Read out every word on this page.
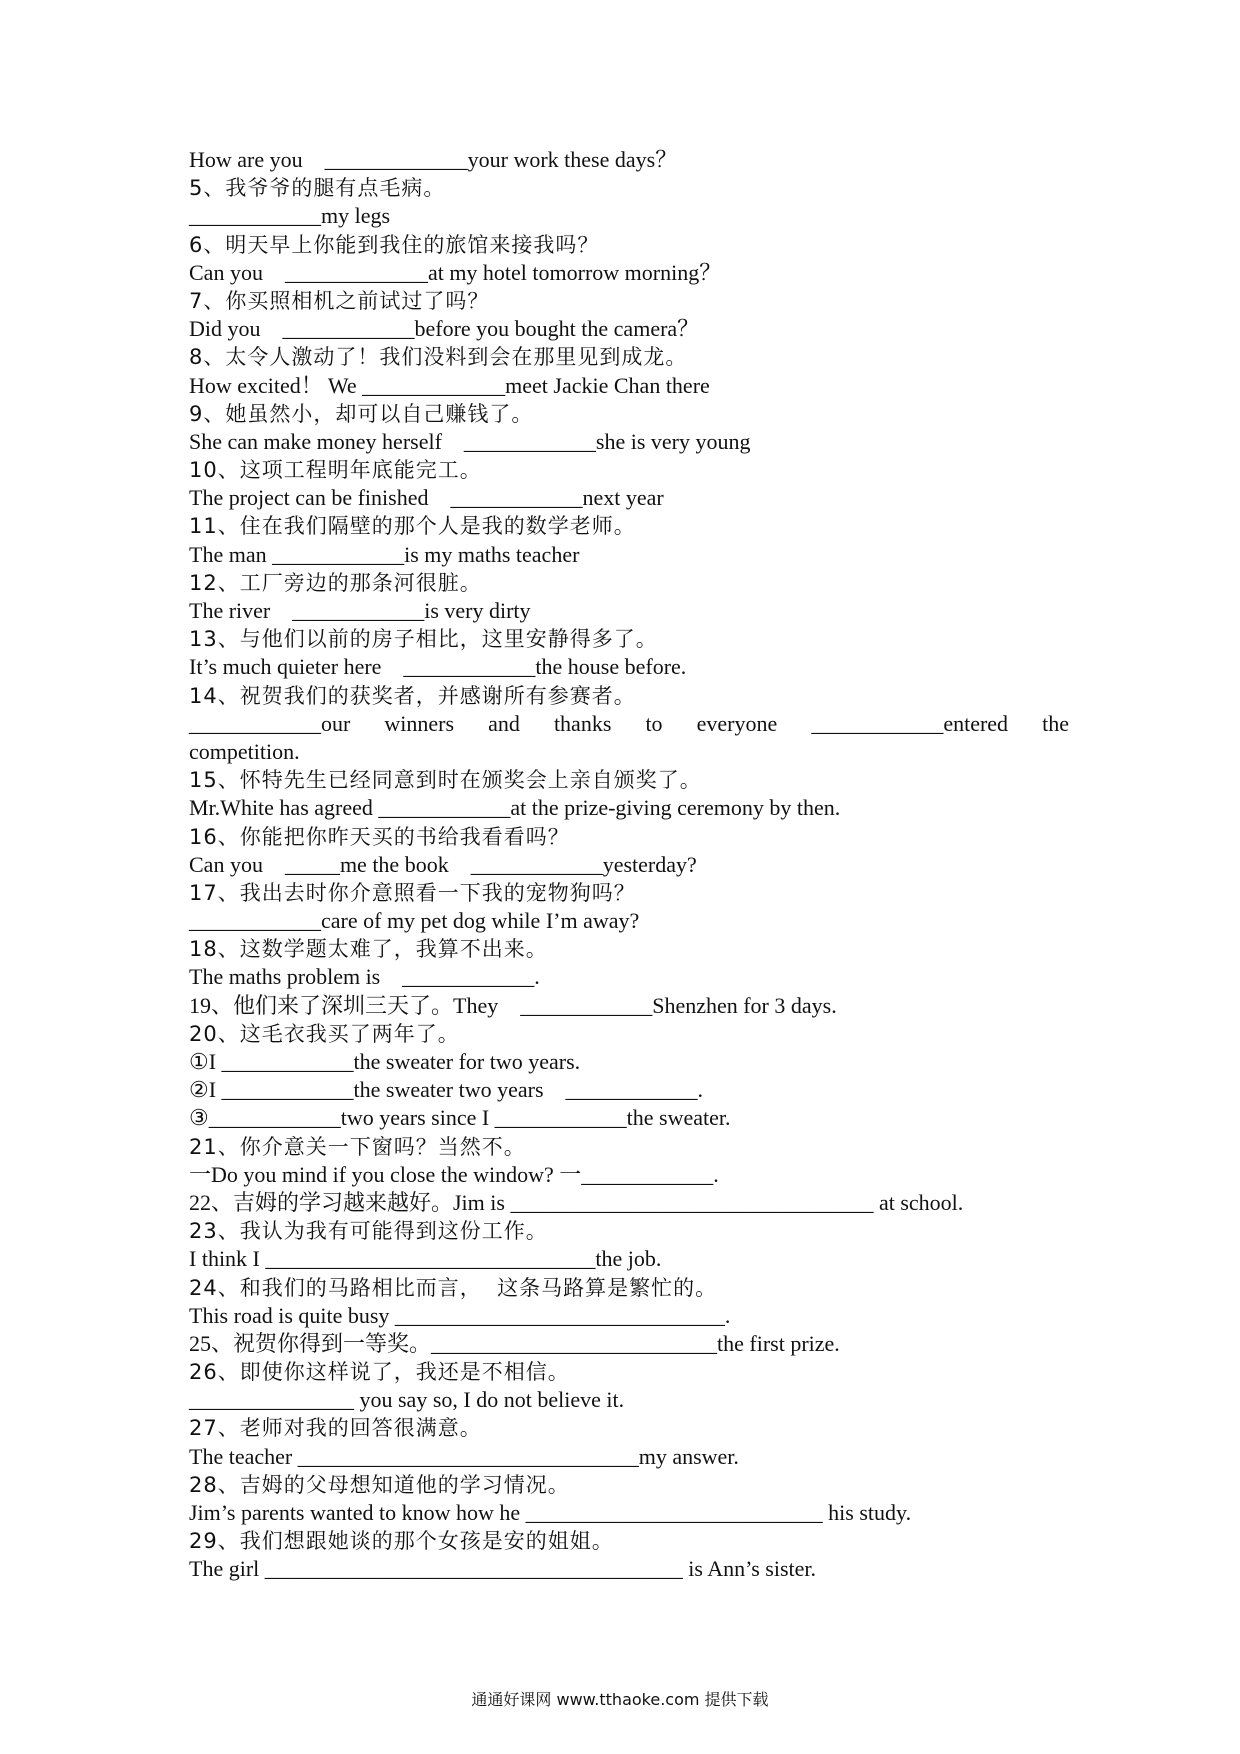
How are you    _____________your work these days？

5、我爷爷的腿有点毛病。

____________my legs

6、明天早上你能到我住的旅馆来接我吗？

Can you    _____________at my hotel tomorrow morning？

7、你买照相机之前试过了吗？

Did you    ____________before you bought the camera？

8、太令人激动了！我们没料到会在那里见到成龙。

How excited！ We _____________meet Jackie Chan there

9、她虽然小，却可以自己赚钱了。

She can make money herself    ____________she is very young

10、这项工程明年底能完工。

The project can be finished    ____________next year

11、住在我们隔壁的那个人是我的数学老师。

The man ____________is my maths teacher

12、工厂旁边的那条河很脏。

The river    ____________is very dirty

13、与他们以前的房子相比，这里安静得多了。

It’s much quieter here    ____________the house before.

14、祝贺我们的获奖者，并感谢所有参赛者。

____________our winners and thanks to everyone ____________entered the

competition.

15、怀特先生已经同意到时在颁奖会上亲自颁奖了。

Mr.White has agreed ____________at the prize-giving ceremony by then.

16、你能把你昨天买的书给我看看吗？

Can you    _____me the book    ____________yesterday?

17、我出去时你介意照看一下我的宠物狗吗？

____________care of my pet dog while I’m away?

18、这数学题太难了，我算不出来。

The maths problem is    ____________.

19、他们来了深圳三天了。They    ____________Shenzhen for 3 days.

20、这毛衣我买了两年了。

①I ____________the sweater for two years.

②I ____________the sweater two years    ____________.

③____________two years since I ____________the sweater.

21、你介意关一下窗吗？当然不。

一Do you mind if you close the window? 一____________.

22、吉姆的学习越来越好。Jim is _________________________________ at school.

23、我认为我有可能得到这份工作。

I think I ______________________________the job.

24、和我们的马路相比而言，  这条马路算是繁忙的。

This road is quite busy ______________________________.

25、祝贺你得到一等奖。__________________________the first prize.

26、即使你这样说了，我还是不相信。

_______________ you say so, I do not believe it.

27、老师对我的回答很满意。

The teacher _______________________________my answer.

28、吉姆的父母想知道他的学习情况。

Jim’s parents wanted to know how he ___________________________ his study.

29、我们想跟她谈的那个女孩是安的姐姐。

The girl ______________________________________ is Ann’s sister.

通通好课网 www.tthaoke.com 提供下载
